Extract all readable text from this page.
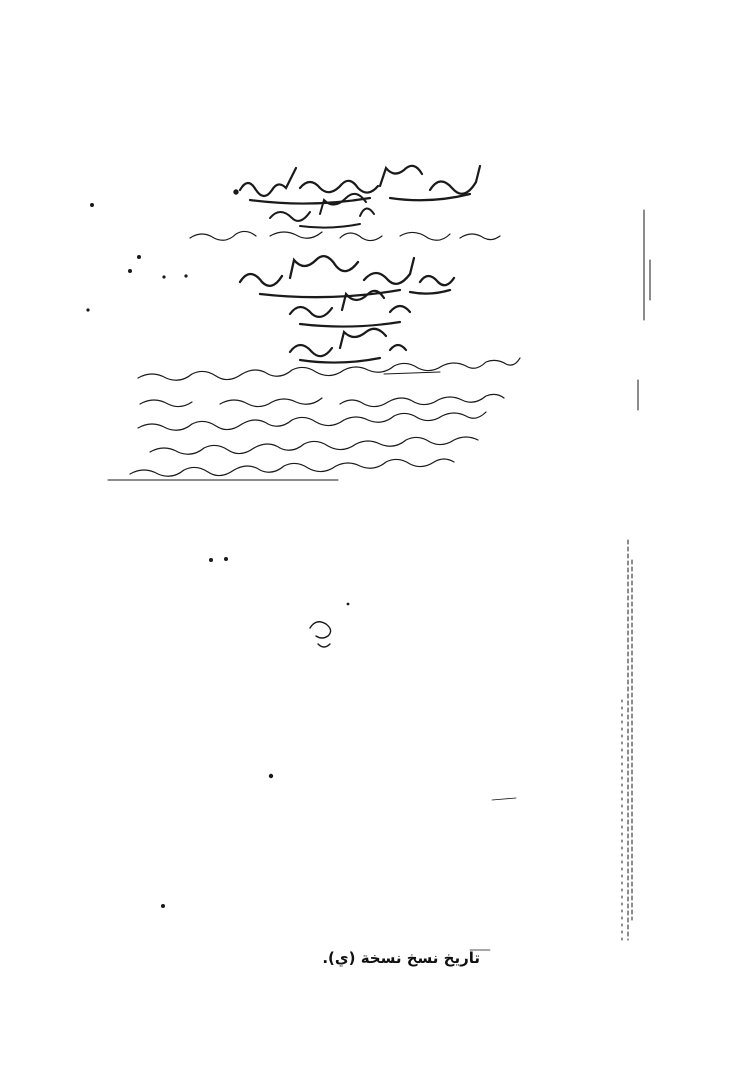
تاريخ نسخ نسخة (ي).
